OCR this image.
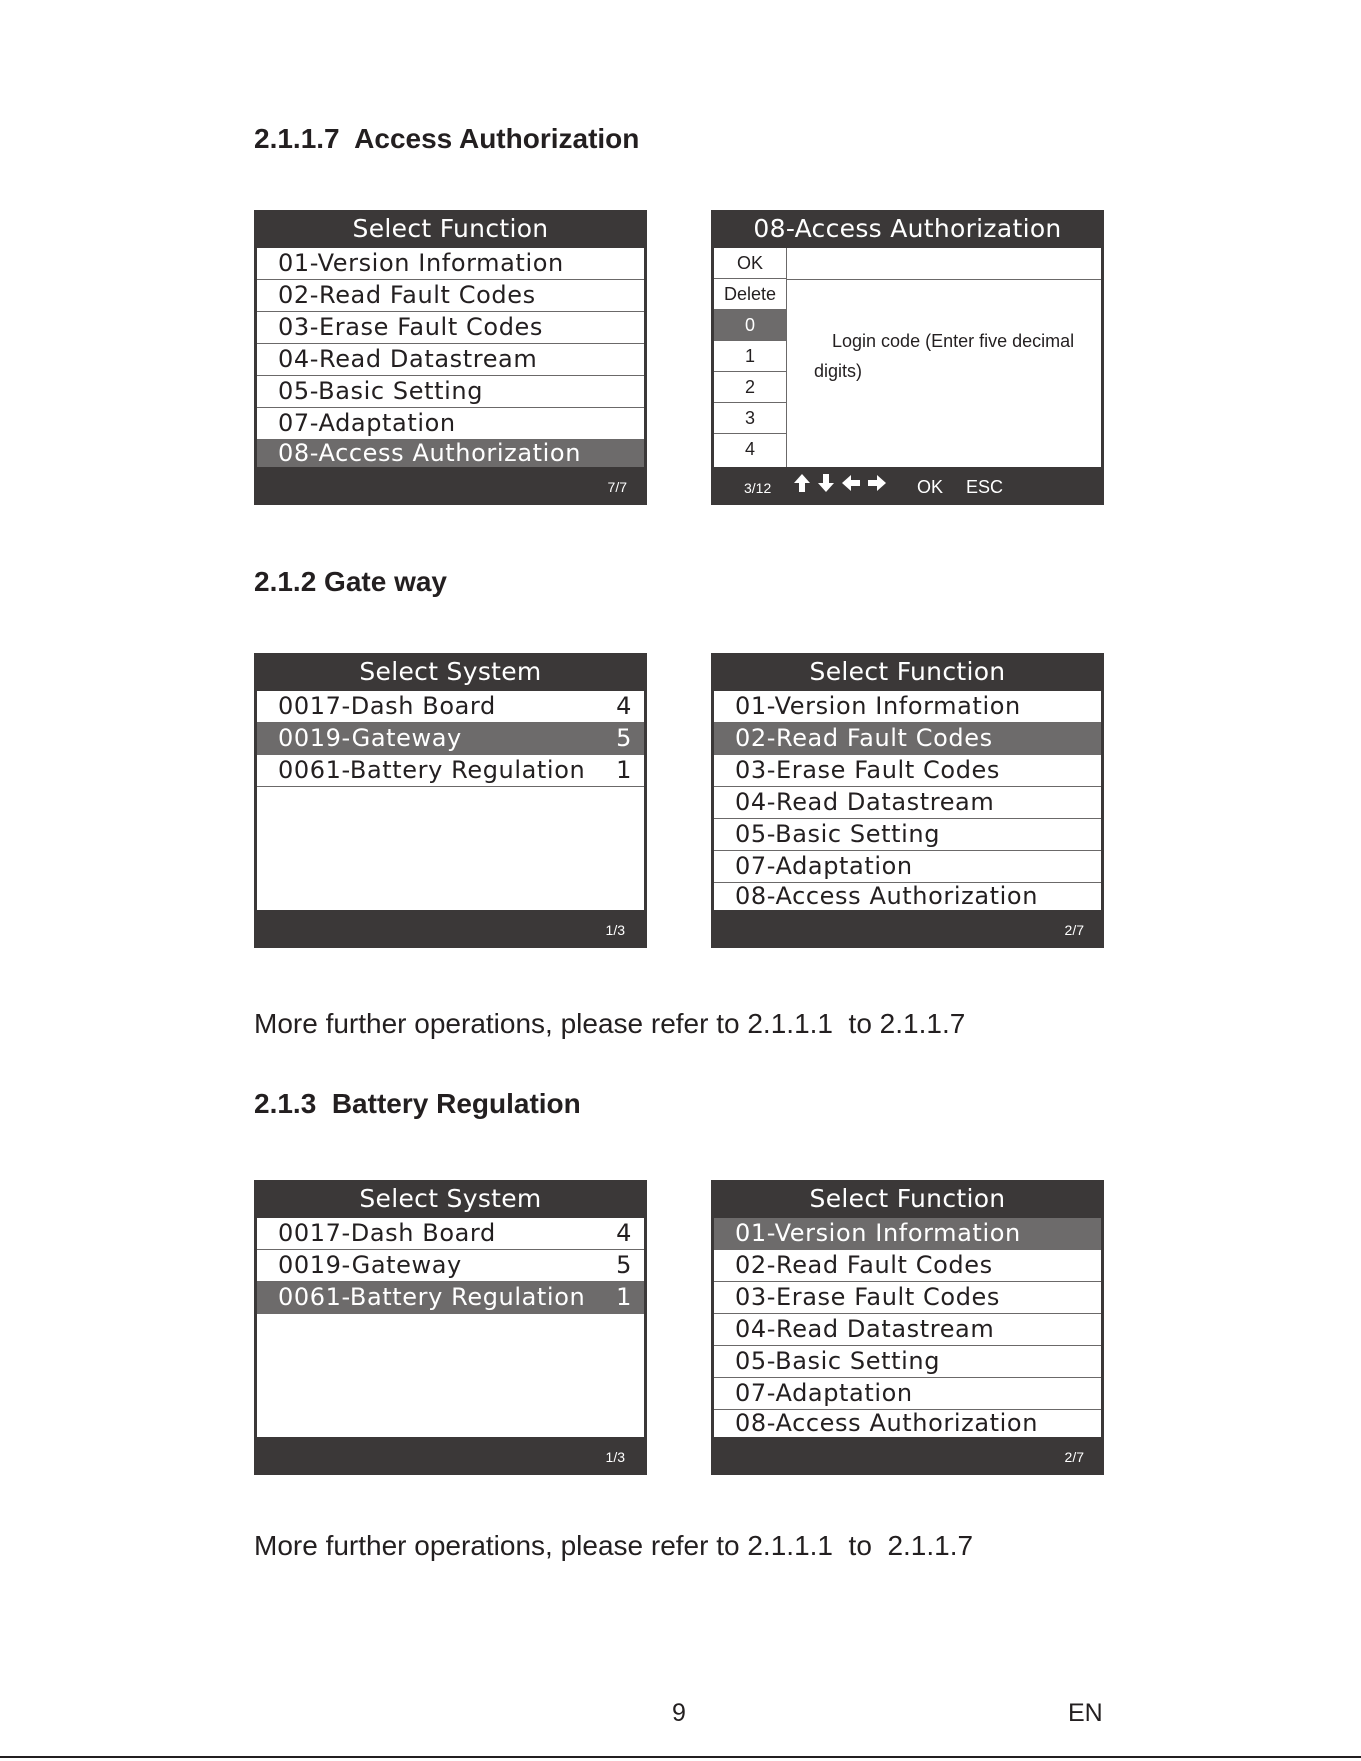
2.1.1.7  Access Authorization
2.1.2 Gate way

More further operations, please refer to 2.1.1.1  to 2.1.1.7

2.1.3  Battery Regulation

More further operations, please refer to 2.1.1.1  to  2.1.1.7

Select Function
01-Version Information
02-Read Fault Codes
03-Erase Fault Codes
04-Read Datastream
05-Basic Setting
07-Adaptation
08-Access Authorization
7/7
08-Access Authorization
OK
Delete
0
1
2
3
4
Login code (Enter five decimal digits)
3/12	OK ESC
Select System
0017-Dash Board	4
0019-Gateway	5
0061-Battery Regulation 1
1/3
Select Function
01-Version Information
02-Read Fault Codes
03-Erase Fault Codes
04-Read Datastream
05-Basic Setting
07-Adaptation
08-Access Authorization
2/7
Select System
0017-Dash Board	4
0019-Gateway	5
0061-Battery Regulation 1
1/3
Select Function
01-Version Information
02-Read Fault Codes
03-Erase Fault Codes
04-Read Datastream
05-Basic Setting
07-Adaptation
08-Access Authorization
2/7
9	EN
